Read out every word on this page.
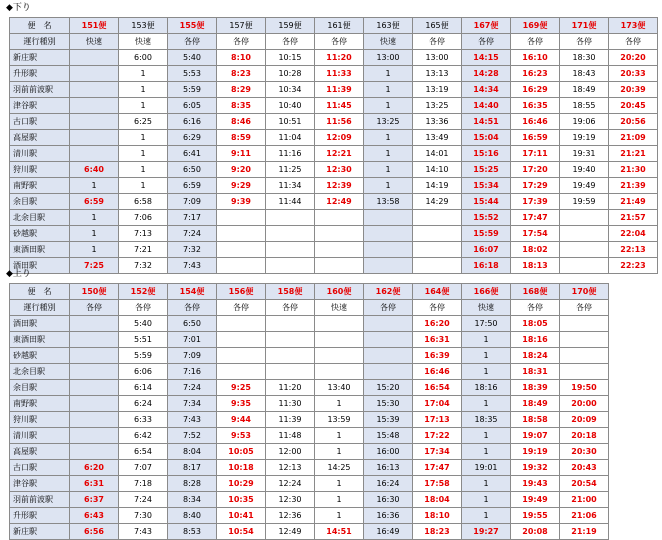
◆下り
便　名	151便	153便	155便	157便	159便	161便	163便	165便	167便	169便	171便	173便
運行種別	快速	快速	各停	各停	各停	各停	快速	各停	各停	各停	各停	各停
新庄駅		6:00	5:40	8:10	10:15	11:20	13:00	13:00	14:15	16:10	18:30	20:20
升形駅		1	5:53	8:23	10:28	11:33	1	13:13	14:28	16:23	18:43	20:33
羽前前波駅		1	5:59	8:29	10:34	11:39	1	13:19	14:34	16:29	18:49	20:39
津谷駅		1	6:05	8:35	10:40	11:45	1	13:25	14:40	16:35	18:55	20:45
古口駅		6:25	6:16	8:46	10:51	11:56	13:25	13:36	14:51	16:46	19:06	20:56
高屋駅		1	6:29	8:59	11:04	12:09	1	13:49	15:04	16:59	19:19	21:09
清川駅		1	6:41	9:11	11:16	12:21	1	14:01	15:16	17:11	19:31	21:21
狩川駅	6:40	1	6:50	9:20	11:25	12:30	1	14:10	15:25	17:20	19:40	21:30
南野駅	1	1	6:59	9:29	11:34	12:39	1	14:19	15:34	17:29	19:49	21:39
余目駅	6:59	6:58	7:09	9:39	11:44	12:49	13:58	14:29	15:44	17:39	19:59	21:49
北余目駅	1	7:06	7:17						15:52	17:47		21:57
砂越駅	1	7:13	7:24						15:59	17:54		22:04
東酒田駅	1	7:21	7:32						16:07	18:02		22:13
酒田駅	7:25	7:32	7:43						16:18	18:13		22:23
◆上り
便　名	150便	152便	154便	156便	158便	160便	162便	164便	166便	168便	170便
運行種別	各停	各停	各停	各停	各停	快速	各停	各停	快速	各停	各停
酒田駅		5:40	6:50					16:20	17:50	18:05	
東酒田駅		5:51	7:01					16:31	1	18:16	
砂越駅		5:59	7:09					16:39	1	18:24	
北余目駅		6:06	7:16					16:46	1	18:31	
余目駅		6:14	7:24	9:25	11:20	13:40	15:20	16:54	18:16	18:39	19:50
南野駅		6:24	7:34	9:35	11:30	1	15:30	17:04	1	18:49	20:00
狩川駅		6:33	7:43	9:44	11:39	13:59	15:39	17:13	18:35	18:58	20:09
清川駅		6:42	7:52	9:53	11:48	1	15:48	17:22	1	19:07	20:18
高屋駅		6:54	8:04	10:05	12:00	1	16:00	17:34	1	19:19	20:30
古口駅	6:20	7:07	8:17	10:18	12:13	14:25	16:13	17:47	19:01	19:32	20:43
津谷駅	6:31	7:18	8:28	10:29	12:24	1	16:24	17:58	1	19:43	20:54
羽前前波駅	6:37	7:24	8:34	10:35	12:30	1	16:30	18:04	1	19:49	21:00
升形駅	6:43	7:30	8:40	10:41	12:36	1	16:36	18:10	1	19:55	21:06
新庄駅	6:56	7:43	8:53	10:54	12:49	14:51	16:49	18:23	19:27	20:08	21:19
